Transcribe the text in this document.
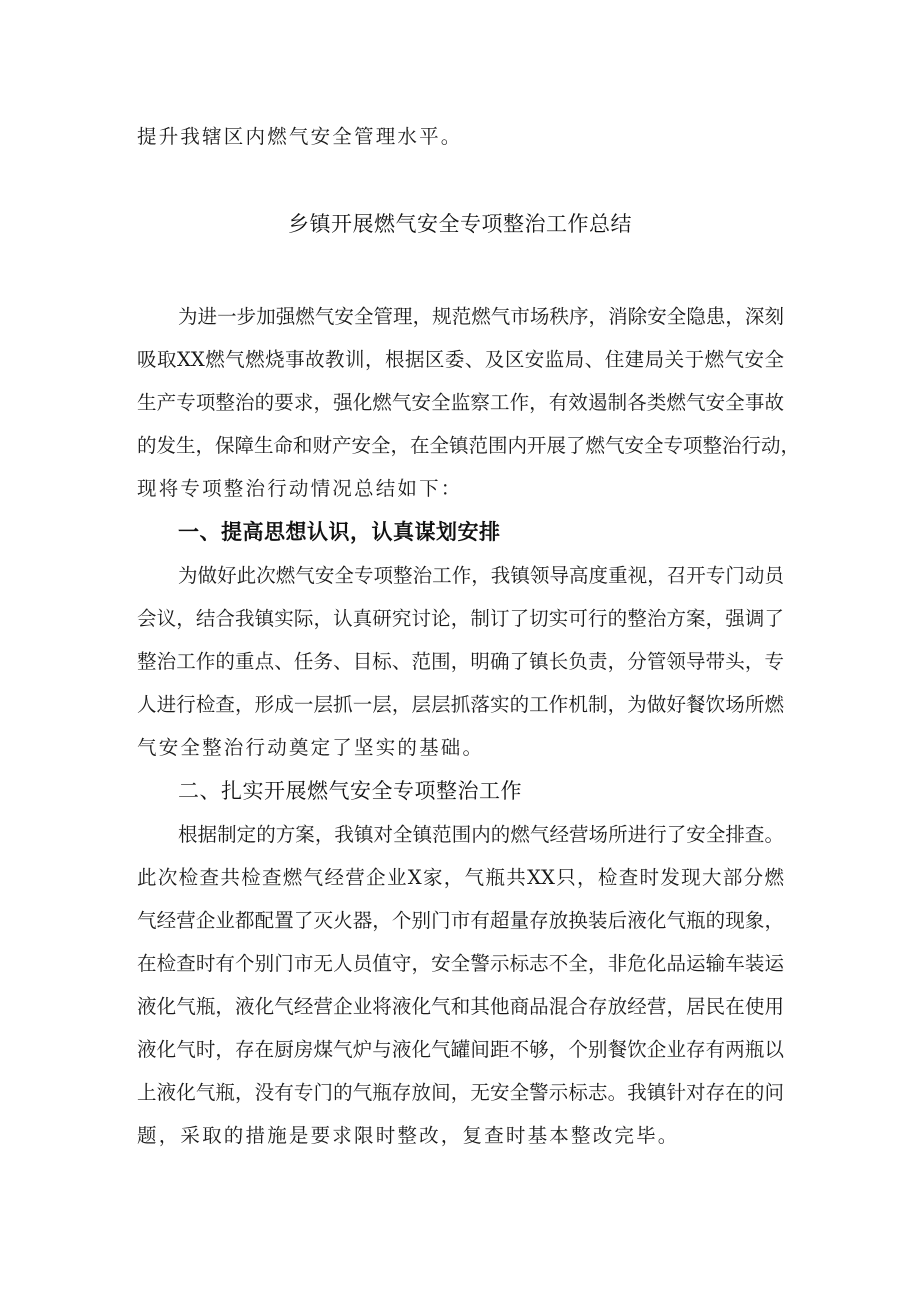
提升我辖区内燃气安全管理水平。
乡镇开展燃气安全专项整治工作总结
为进一步加强燃气安全管理，规范燃气市场秩序，消除安全隐患，深刻
吸取XX燃气燃烧事故教训，根据区委、及区安监局、住建局关于燃气安全
生产专项整治的要求，强化燃气安全监察工作，有效遏制各类燃气安全事故
的发生，保障生命和财产安全，在全镇范围内开展了燃气安全专项整治行动，
现将专项整治行动情况总结如下：
一、提高思想认识，认真谋划安排
为做好此次燃气安全专项整治工作，我镇领导高度重视，召开专门动员
会议，结合我镇实际，认真研究讨论，制订了切实可行的整治方案，强调了
整治工作的重点、任务、目标、范围，明确了镇长负责，分管领导带头，专
人进行检查，形成一层抓一层，层层抓落实的工作机制，为做好餐饮场所燃
气安全整治行动奠定了坚实的基础。
二、扎实开展燃气安全专项整治工作
根据制定的方案，我镇对全镇范围内的燃气经营场所进行了安全排查。
此次检查共检查燃气经营企业X家，气瓶共XX只，检查时发现大部分燃
气经营企业都配置了灭火器，个别门市有超量存放换装后液化气瓶的现象，
在检查时有个别门市无人员值守，安全警示标志不全，非危化品运输车装运
液化气瓶，液化气经营企业将液化气和其他商品混合存放经营，居民在使用
液化气时，存在厨房煤气炉与液化气罐间距不够，个别餐饮企业存有两瓶以
上液化气瓶，没有专门的气瓶存放间，无安全警示标志。我镇针对存在的问
题，采取的措施是要求限时整改，复查时基本整改完毕。
